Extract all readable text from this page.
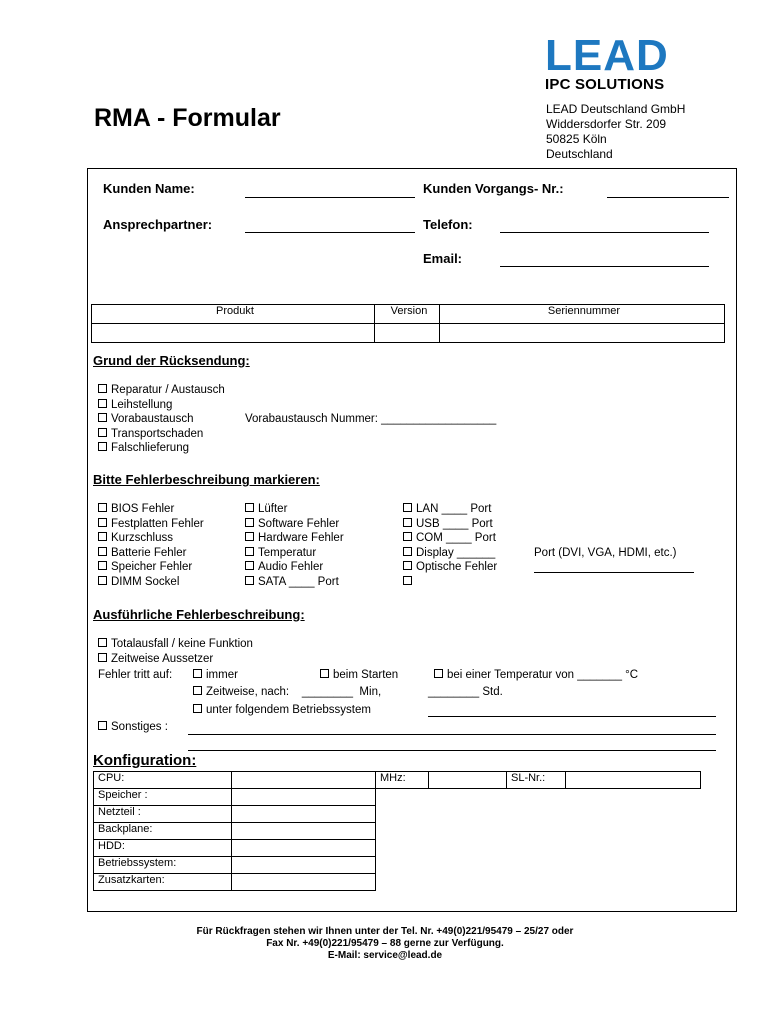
LEAD
IPC SOLUTIONS
RMA - Formular	LEAD Deutschland GmbH
Widdersdorfer Str. 209
50825 Köln
Deutschland
Kunden Name:	Kunden Vorgangs- Nr.:
Ansprechpartner:	Telefon:
Email:
Produkt	Version	Seriennummer

Grund der Rücksendung:
Reparatur / Austausch
Leihstellung
Vorabaustausch
Transportschaden
Falschlieferung
Vorabaustausch Nummer: __________________
Bitte Fehlerbeschreibung markieren:
BIOS Fehler
Festplatten Fehler
Kurzschluss
Batterie Fehler
Speicher Fehler
DIMM Sockel
Lüfter
Software Fehler
Hardware Fehler
Temperatur
Audio Fehler
SATA ____ Port
LAN ____ Port
USB ____ Port
COM ____ Port
Display ______
Optische Fehler
Port (DVI, VGA, HDMI, etc.)
Ausführliche Fehlerbeschreibung:
Totalausfall / keine Funktion
Zeitweise Aussetzer
Fehler tritt auf:	immer	beim Starten	bei einer Temperatur von _______ °C
Zeitweise, nach:    ________  Min,	________ Std.
unter folgendem Betriebssystem
Sonstiges :
Konfiguration:
CPU:		MHz:		SL-Nr.:	
Speicher :					
Netzteil :					
Backplane:					
HDD:					
Betriebssystem:					
Zusatzkarten:					
Für Rückfragen stehen wir Ihnen unter der Tel. Nr. +49(0)221/95479 – 25/27 oder
Fax Nr. +49(0)221/95479 – 88 gerne zur Verfügung.
E-Mail: service@lead.de
